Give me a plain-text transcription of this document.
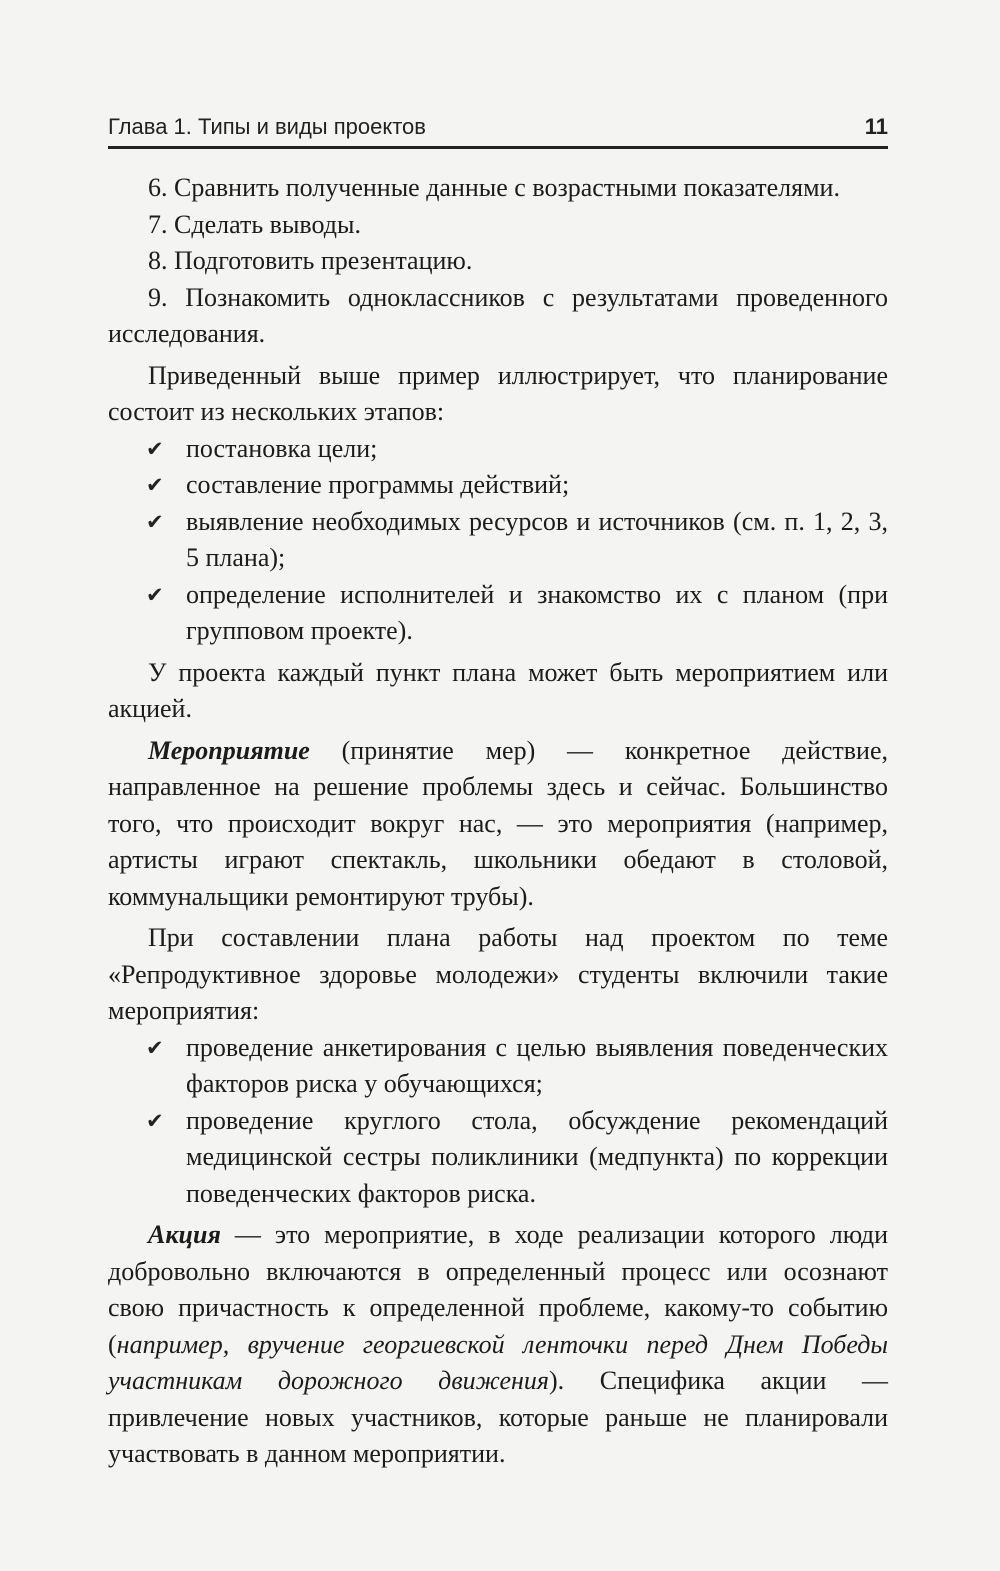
Глава 1. Типы и виды проектов	11

6. Сравнить полученные данные с возрастными показателями.

7. Сделать выводы.

8. Подготовить презентацию.

9. Познакомить одноклассников с результатами проведенного исследования.

Приведенный выше пример иллюстрирует, что планирование состоит из нескольких этапов:

✔ постановка цели;
✔ составление программы действий;
✔ выявление необходимых ресурсов и источников (см. п. 1, 2, 3, 5 плана);
✔ определение исполнителей и знакомство их с планом (при групповом проекте).

У проекта каждый пункт плана может быть мероприятием или акцией.

Мероприятие (принятие мер) — конкретное действие, направленное на решение проблемы здесь и сейчас. Большинство того, что происходит вокруг нас, — это мероприятия (например, артисты играют спектакль, школьники обедают в столовой, коммунальщики ремонтируют трубы).

При составлении плана работы над проектом по теме «Репродуктивное здоровье молодежи» студенты включили такие мероприятия:

✔ проведение анкетирования с целью выявления поведенческих факторов риска у обучающихся;
✔ проведение круглого стола, обсуждение рекомендаций медицинской сестры поликлиники (медпункта) по коррекции поведенческих факторов риска.

Акция — это мероприятие, в ходе реализации которого люди добровольно включаются в определенный процесс или осознают свою причастность к определенной проблеме, какому-то событию (например, вручение георгиевской ленточки перед Днем Победы участникам дорожного движения). Специфика акции — привлечение новых участников, которые раньше не планировали участвовать в данном мероприятии.
